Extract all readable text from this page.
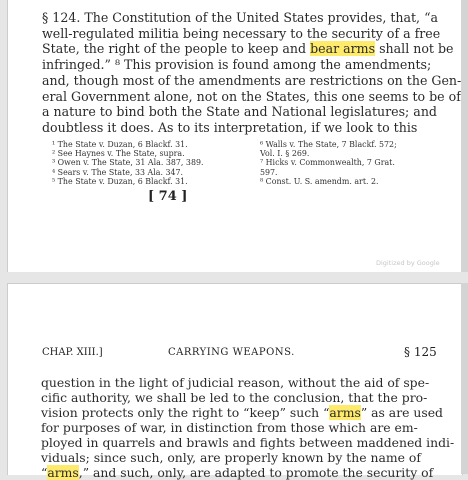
§ 124. The Constitution of the United States provides, that, “a
well-regulated militia being necessary to the security of a free
State, the right of the people to keep and bear arms shall not be
infringed.” ⁸ This provision is found among the amendments;
and, though most of the amendments are restrictions on the Gen-
eral Government alone, not on the States, this one seems to be of
a nature to bind both the State and National legislatures; and
doubtless it does. As to its interpretation, if we look to this
¹ The State v. Duzan, 6 Blackf. 31.
² See Haynes v. The State, supra.
³ Owen v. The State, 31 Ala. 387, 389.
⁴ Sears v. The State, 33 Ala. 347.
⁵ The State v. Duzan, 6 Blackf. 31.
⁶ Walls v. The State, 7 Blackf. 572;
Vol. I. § 269.
⁷ Hicks v. Commonwealth, 7 Grat.
597.
⁸ Const. U. S. amendm. art. 2.
[ 74 ]
Digitized by Google
CHAP. XIII.]	CARRYING WEAPONS.	§ 125
question in the light of judicial reason, without the aid of spe-
cific authority, we shall be led to the conclusion, that the pro-
vision protects only the right to “keep” such “arms” as are used
for purposes of war, in distinction from those which are em-
ployed in quarrels and brawls and fights between maddened indi-
viduals; since such, only, are properly known by the name of
“arms,” and such, only, are adapted to promote the security of
